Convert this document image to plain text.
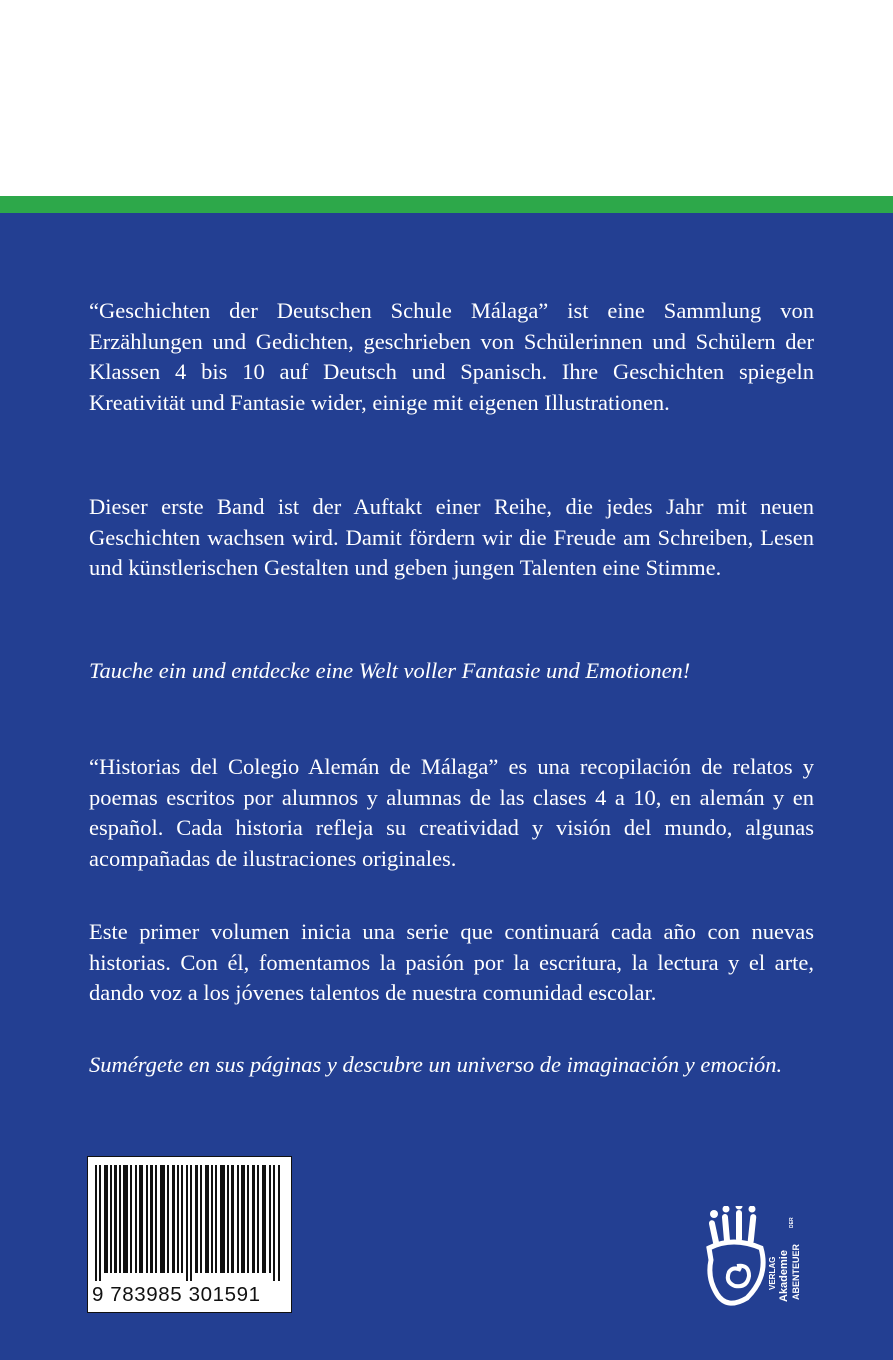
“Geschichten der Deutschen Schule Málaga” ist eine Sammlung von Erzählungen und Gedichten, geschrieben von Schülerinnen und Schülern der Klassen 4 bis 10 auf Deutsch und Spanisch. Ihre Geschichten spiegeln Kreativität und Fantasie wider, einige mit eigenen Illustrationen.

Dieser erste Band ist der Auftakt einer Reihe, die jedes Jahr mit neuen Geschichten wachsen wird. Damit fördern wir die Freude am Schreiben, Lesen und künstlerischen Gestalten und geben jungen Talenten eine Stimme.

Tauche ein und entdecke eine Welt voller Fantasie und Emotionen!

“Historias del Colegio Alemán de Málaga” es una recopilación de relatos y poemas escritos por alumnos y alumnas de las clases 4 a 10, en alemán y en español. Cada historia refleja su creatividad y visión del mundo, algunas acompañadas de ilustraciones originales.

Este primer volumen inicia una serie que continuará cada año con nuevas historias. Con él, fomentamos la pasión por la escritura, la lectura y el arte, dando voz a los jóvenes talentos de nuestra comunidad escolar.

Sumérgete en sus páginas y descubre un universo de imaginación y emoción.

9 783985 301591
VERLAG Akademie
DER
ABENTEUER
